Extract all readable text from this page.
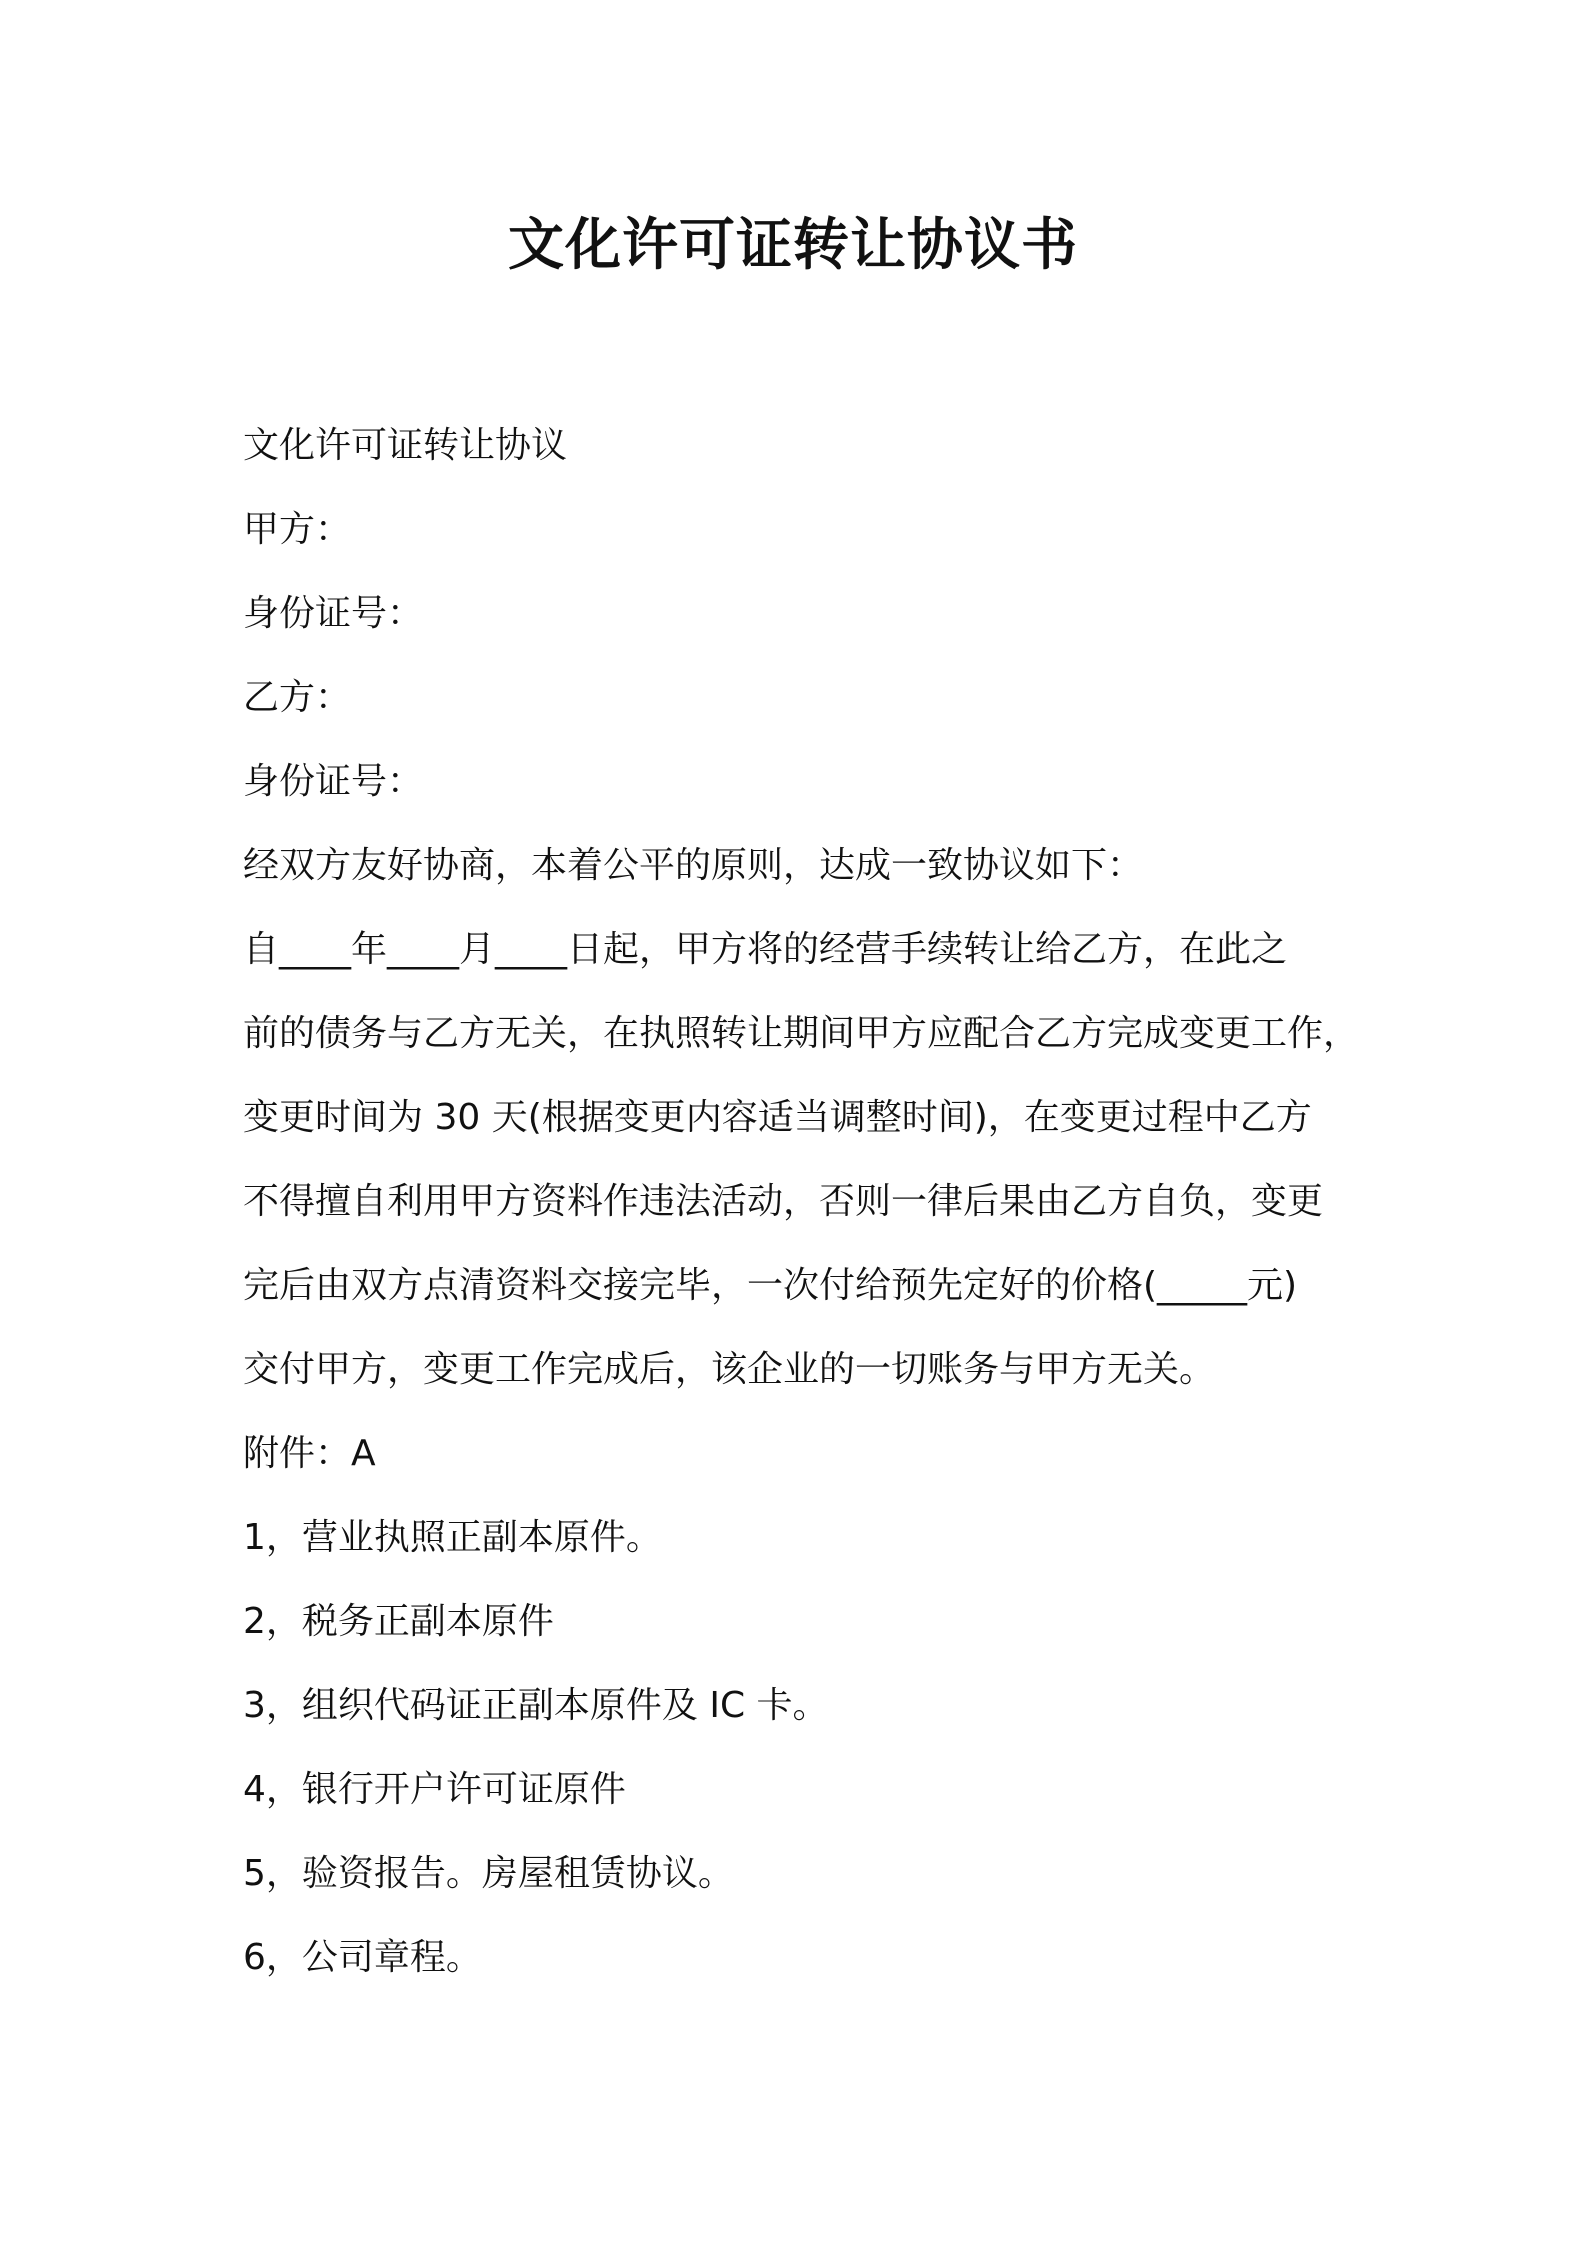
文化许可证转让协议书
文化许可证转让协议
甲方：
身份证号：
乙方：
身份证号：
经双方友好协商，本着公平的原则，达成一致协议如下：
自____年____月____日起，甲方将的经营手续转让给乙方，在此之
前的债务与乙方无关，在执照转让期间甲方应配合乙方完成变更工作，
变更时间为 30 天(根据变更内容适当调整时间)，在变更过程中乙方
不得擅自利用甲方资料作违法活动，否则一律后果由乙方自负，变更
完后由双方点清资料交接完毕，一次付给预先定好的价格(_____元)
交付甲方，变更工作完成后，该企业的一切账务与甲方无关。
附件：A
1，营业执照正副本原件。
2，税务正副本原件
3，组织代码证正副本原件及 IC 卡。
4，银行开户许可证原件
5，验资报告。房屋租赁协议。
6，公司章程。
